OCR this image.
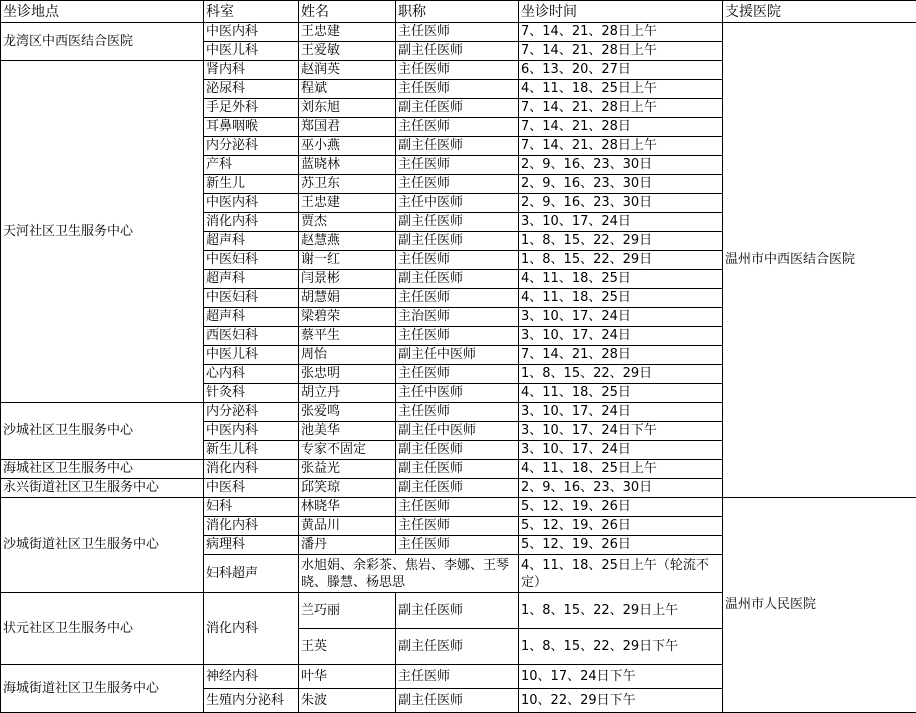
坐诊地点	科室	姓名	职称	坐诊时间	支援医院	
龙湾区中西医结合医院	中医内科	王忠建	主任医师	7、14、21、28日上午	温州市中西医结合医院	
	中医儿科	王爱敏	副主任医师	7、14、21、28日上午		
天河社区卫生服务中心	肾内科	赵润英	主任医师	6、13、20、27日		
	泌尿科	程斌	主任医师	4、11、18、25日上午		
	手足外科	刘东旭	副主任医师	7、14、21、28日上午		
	耳鼻咽喉	郑国君	主任医师	7、14、21、28日		
	内分泌科	巫小燕	副主任医师	7、14、21、28日上午		
	产科	蓝晓林	主任医师	2、9、16、23、30日		
	新生儿	苏卫东	主任医师	2、9、16、23、30日		
	中医内科	王忠建	主任中医师	2、9、16、23、30日		
	消化内科	贾杰	副主任医师	3、10、17、24日		
	超声科	赵慧燕	副主任医师	1、8、15、22、29日		
	中医妇科	谢一红	主任医师	1、8、15、22、29日		
	超声科	闫景彬	副主任医师	4、11、18、25日		
	中医妇科	胡慧娟	主任医师	4、11、18、25日		
	超声科	梁碧荣	主治医师	3、10、17、24日		
	西医妇科	蔡平生	主任医师	3、10、17、24日		
	中医儿科	周怡	副主任中医师	7、14、21、28日		
	心内科	张忠明	主任医师	1、8、15、22、29日		
	针灸科	胡立丹	主任中医师	4、11、18、25日		
沙城社区卫生服务中心	内分泌科	张爱鸣	主任医师	3、10、17、24日		
	中医内科	池美华	副主任中医师	3、10、17、24日下午		
	新生儿科	专家不固定	副主任医师	3、10、17、24日		
海城社区卫生服务中心	消化内科	张益光	副主任医师	4、11、18、25日上午		
永兴街道社区卫生服务中心	中医科	邱笑琼	副主任医师	2、9、16、23、30日	
沙城街道社区卫生服务中心	妇科	林晓华	主任医师	5、12、19、26日	温州市人民医院	
	消化内科	黄品川	主任医师	5、12、19、26日		
	病理科	潘丹	主任医师	5、12、19、26日		
	妇科超声	水旭娟、余彩茶、焦岩、李娜、王琴晓、滕慧、杨思思		4、11、18、25日上午（轮流不定）		
状元社区卫生服务中心	消化内科	兰巧丽	副主任医师	1、8、15、22、29日上午		
		王英	副主任医师	1、8、15、22、29日下午		
海城街道社区卫生服务中心	神经内科	叶华	主任医师	10、17、24日下午		
	生殖内分泌科	朱波	副主任医师	10、22、29日下午		
